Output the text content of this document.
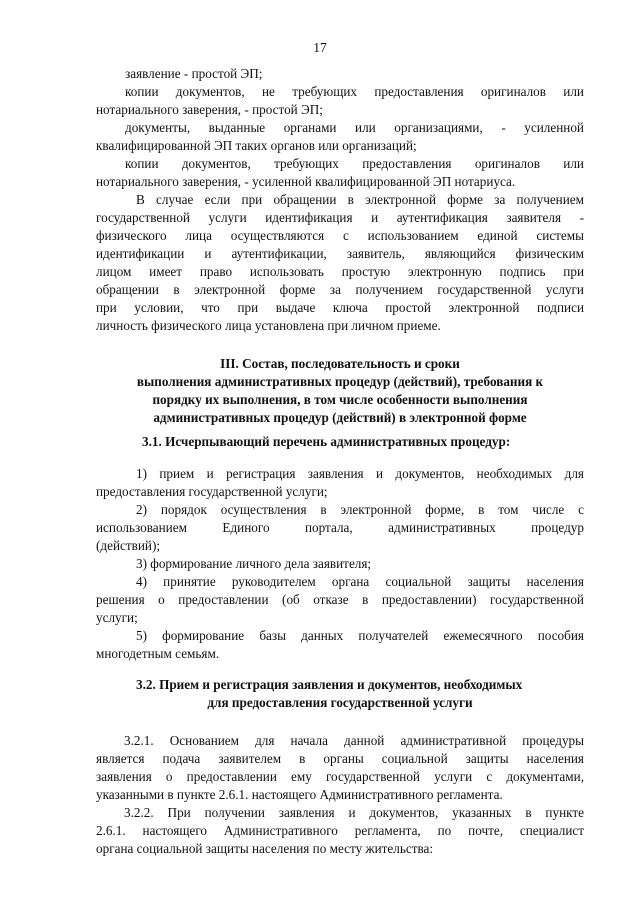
17
заявление - простой ЭП;
копии документов, не требующих предоставления оригиналов или
нотариального заверения, - простой ЭП;
документы, выданные органами или организациями, - усиленной
квалифицированной ЭП таких органов или организаций;
копии документов, требующих предоставления оригиналов или
нотариального заверения, - усиленной квалифицированной ЭП нотариуса.
В случае если при обращении в электронной форме за получением
государственной услуги идентификация и аутентификация заявителя -
физического лица осуществляются с использованием единой системы
идентификации и аутентификации, заявитель, являющийся физическим
лицом имеет право использовать простую электронную подпись при
обращении в электронной форме за получением государственной услуги
при условии, что при выдаче ключа простой электронной подписи
личность физического лица установлена при личном приеме.
III. Состав, последовательность и сроки
выполнения административных процедур (действий), требования к
порядку их выполнения, в том числе особенности выполнения
административных процедур (действий) в электронной форме
3.1. Исчерпывающий перечень административных процедур:
1) прием и регистрация заявления и документов, необходимых для
предоставления государственной услуги;
2) порядок осуществления в электронной форме, в том числе с
использованием Единого портала, административных процедур
(действий);
3) формирование личного дела заявителя;
4) принятие руководителем органа социальной защиты населения
решения о предоставлении (об отказе в предоставлении) государственной
услуги;
5) формирование базы данных получателей ежемесячного пособия
многодетным семьям.
3.2. Прием и регистрация заявления и документов, необходимых
для предоставления государственной услуги
3.2.1. Основанием для начала данной административной процедуры
является подача заявителем в органы социальной защиты населения
заявления о предоставлении ему государственной услуги с документами,
указанными в пункте 2.6.1. настоящего Административного регламента.
3.2.2. При получении заявления и документов, указанных в пункте
2.6.1. настоящего Административного регламента, по почте, специалист
органа социальной защиты населения по месту жительства:
